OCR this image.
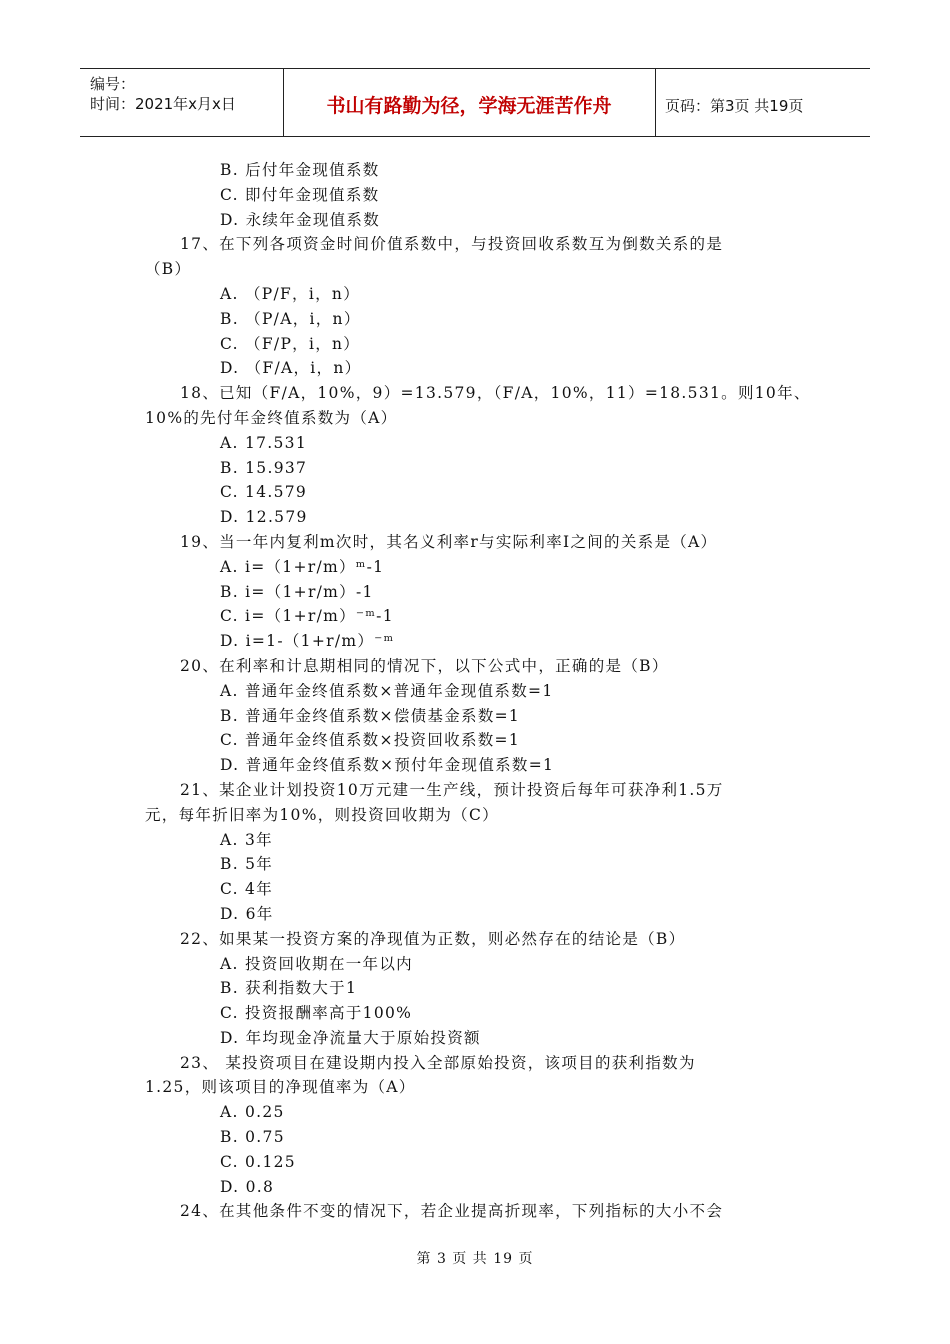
编号：
时间：2021年x月x日	书山有路勤为径，学海无涯苦作舟	页码：第3页 共19页
B. 后付年金现值系数
C. 即付年金现值系数
D. 永续年金现值系数
17、在下列各项资金时间价值系数中，与投资回收系数互为倒数关系的是
（B）
A. （P/F，i，n）
B. （P/A，i，n）
C. （F/P，i，n）
D. （F/A，i，n）
18、已知（F/A，10%，9）=13.579，（F/A，10%，11）=18.531。则10年、
10%的先付年金终值系数为（A）
A. 17.531
B. 15.937
C. 14.579
D. 12.579
19、当一年内复利m次时，其名义利率r与实际利率I之间的关系是（A）
A. i=（1+r/m）ᵐ-1
B. i=（1+r/m）-1
C. i=（1+r/m）⁻ᵐ-1
D. i=1-（1+r/m）⁻ᵐ
20、在利率和计息期相同的情况下，以下公式中，正确的是（B）
A. 普通年金终值系数×普通年金现值系数=1
B. 普通年金终值系数×偿债基金系数=1
C. 普通年金终值系数×投资回收系数=1
D. 普通年金终值系数×预付年金现值系数=1
21、某企业计划投资10万元建一生产线，预计投资后每年可获净利1.5万
元，每年折旧率为10%，则投资回收期为（C）
A. 3年
B. 5年
C. 4年
D. 6年
22、如果某一投资方案的净现值为正数，则必然存在的结论是（B）
A. 投资回收期在一年以内
B. 获利指数大于1
C. 投资报酬率高于100%
D. 年均现金净流量大于原始投资额
23、 某投资项目在建设期内投入全部原始投资，该项目的获利指数为
1.25，则该项目的净现值率为（A）
A. 0.25
B. 0.75
C. 0.125
D. 0.8
24、在其他条件不变的情况下，若企业提高折现率，下列指标的大小不会
第 3 页 共 19 页
